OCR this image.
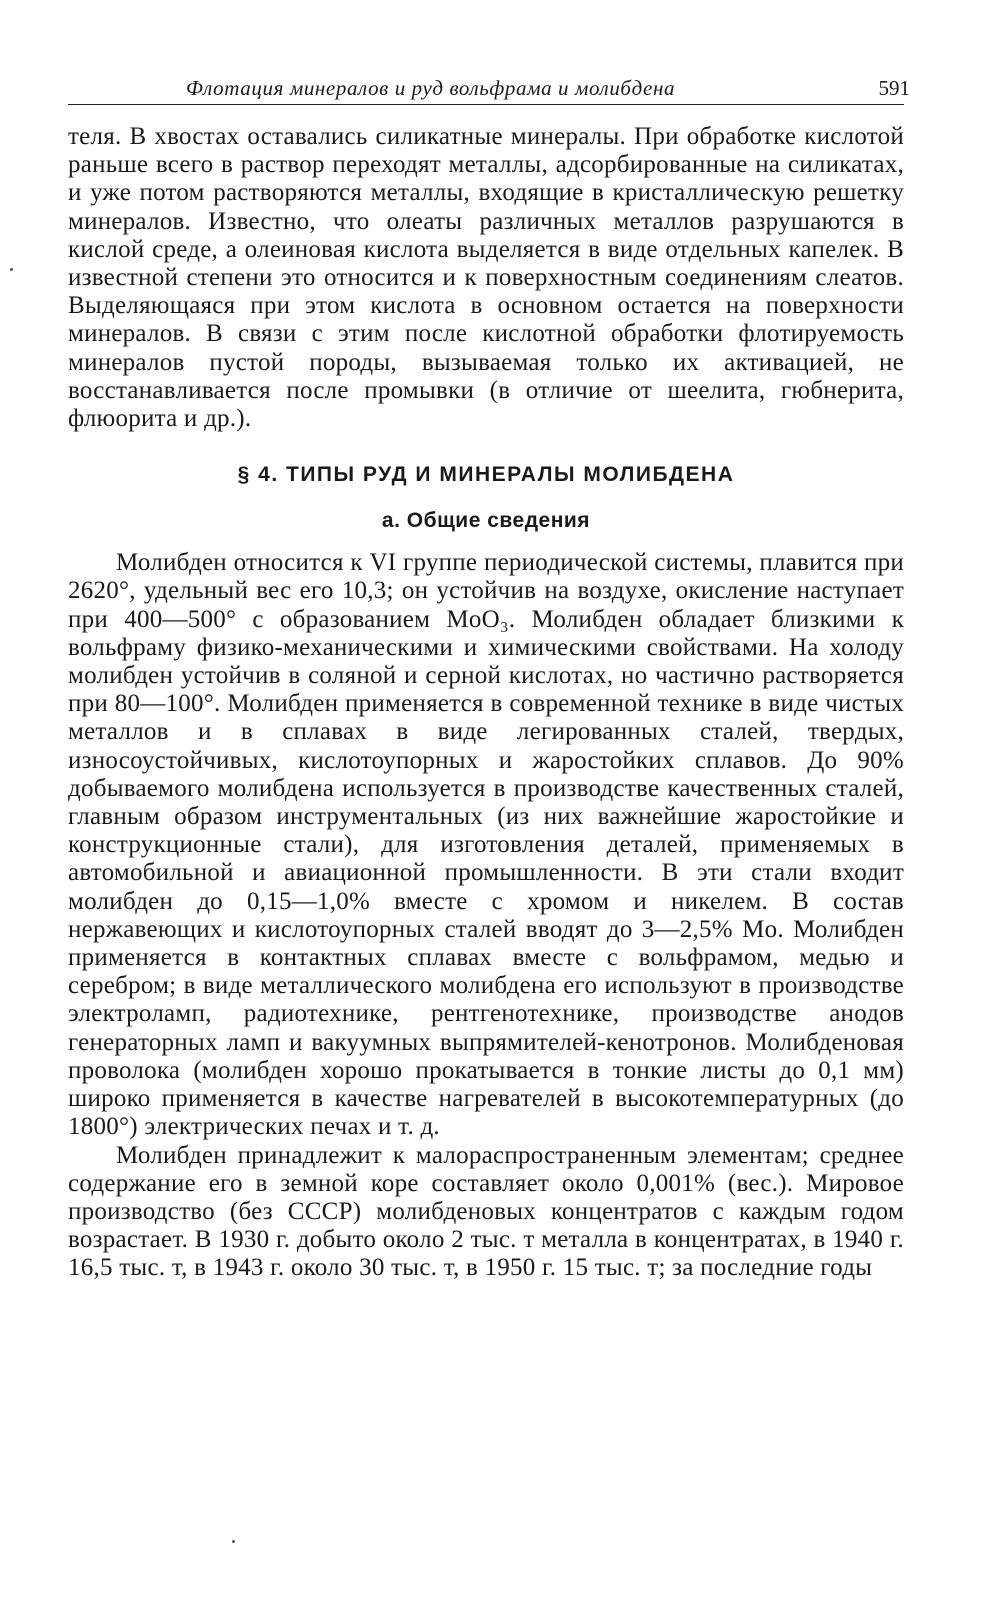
Флотация минералов и руд вольфрама и молибдена	591

теля. В хвостах оставались силикатные минералы. При обработке кислотой раньше всего в раствор переходят металлы, адсорбированные на силикатах, и уже потом растворяются металлы, входящие в кристаллическую решетку минералов. Известно, что олеаты различных металлов разрушаются в кислой среде, а олеиновая кислота выделяется в виде отдельных капелек. В известной степени это относится и к поверхностным соединениям слеатов. Выделяющаяся при этом кислота в основном остается на поверхности минералов. В связи с этим после кислотной обработки флотируемость минералов пустой породы, вызываемая только их активацией, не восстанавливается после промывки (в отличие от шеелита, гюбнерита, флюорита и др.).

§ 4. ТИПЫ РУД И МИНЕРАЛЫ МОЛИБДЕНА
а. Общие сведения

Молибден относится к VI группе периодической системы, плавится при 2620°, удельный вес его 10,3; он устойчив на воздухе, окисление наступает при 400—500° с образованием MoO₃. Молибден обладает близкими к вольфраму физико-механическими и химическими свойствами. На холоду молибден устойчив в соляной и серной кислотах, но частично растворяется при 80—100°. Молибден применяется в современной технике в виде чистых металлов и в сплавах в виде легированных сталей, твердых, износоустойчивых, кислотоупорных и жаростойких сплавов. До 90% добываемого молибдена используется в производстве качественных сталей, главным образом инструментальных (из них важнейшие жаростойкие и конструкционные стали), для изготовления деталей, применяемых в автомобильной и авиационной промышленности. В эти стали входит молибден до 0,15—1,0% вместе с хромом и никелем. В состав нержавеющих и кислотоупорных сталей вводят до 3—2,5% Mo. Молибден применяется в контактных сплавах вместе с вольфрамом, медью и серебром; в виде металлического молибдена его используют в производстве электроламп, радиотехнике, рентгенотехнике, производстве анодов генераторных ламп и вакуумных выпрямителей-кенотронов. Молибденовая проволока (молибден хорошо прокатывается в тонкие листы до 0,1 мм) широко применяется в качестве нагревателей в высокотемпературных (до 1800°) электрических печах и т. д.

Молибден принадлежит к малораспространенным элементам; среднее содержание его в земной коре составляет около 0,001% (вес.). Мировое производство (без СССР) молибденовых концентратов с каждым годом возрастает. В 1930 г. добыто около 2 тыс. т металла в концентратах, в 1940 г. 16,5 тыс. т, в 1943 г. около 30 тыс. т, в 1950 г. 15 тыс. т; за последние годы
